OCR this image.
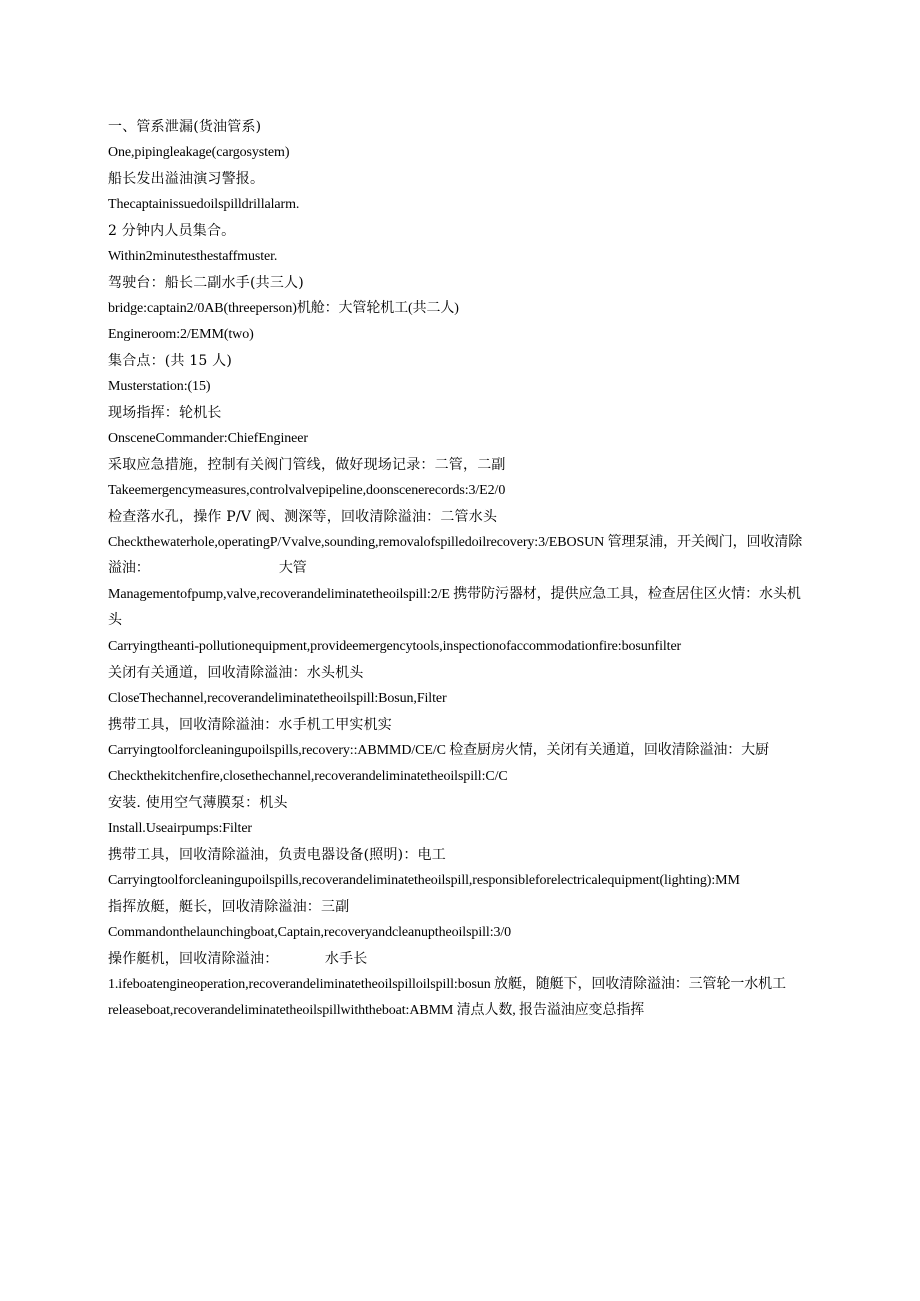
一、管系泄漏(货油管系)

One,pipingleakage(cargosystem)

船长发出溢油演习警报。

Thecaptainissuedoilspilldrillalarm.

2 分钟内人员集合。

Within2minutesthestaffmuster.

驾驶台：船长二副水手(共三人)

bridge:captain2/0AB(threeperson)机舱：大管轮机工(共二人)

Engineroom:2/EMM(two)

集合点：(共 15 人)

Musterstation:(15)

现场指挥：轮机长

OnsceneCommander:ChiefEngineer

采取应急措施，控制有关阀门管线，做好现场记录：二管，二副

Takeemergencymeasures,controlvalvepipeline,doonscenerecords:3/E2/0

检查落水孔，操作 P/V 阀、测深等，回收清除溢油：二管水头

Checkthewaterhole,operatingP/Vvalve,sounding,removalofspilledoilrecovery:3/EBOSUN 管理泵浦，开关阀门，回收清除溢油：                                      大管

Managementofpump,valve,recoverandeliminatetheoilspill:2/E 携带防污器材，提供应急工具，检查居住区火情：水头机头

Carryingtheanti-pollutionequipment,provideemergencytools,inspectionofaccommodationfire:bosunfilter

关闭有关通道，回收清除溢油：水头机头

CloseThechannel,recoverandeliminatetheoilspill:Bosun,Filter

携带工具，回收清除溢油：水手机工甲实机实

Carryingtoolforcleaningupoilspills,recovery::ABMMD/CE/C 检查厨房火情，关闭有关通道，回收清除溢油：大厨

Checkthekitchenfire,closethechannel,recoverandeliminatetheoilspill:C/C

安装. 使用空气薄膜泵：机头

Install.Useairpumps:Filter

携带工具，回收清除溢油，负责电器设备(照明)：电工

Carryingtoolforcleaningupoilspills,recoverandeliminatetheoilspill,responsibleforelectricalequipment(lighting):MM

指挥放艇，艇长，回收清除溢油：三副

Commandonthelaunchingboat,Captain,recoveryandcleanuptheoilspill:3/0

操作艇机，回收清除溢油：          水手长

1.ifeboatengineoperation,recoverandeliminatetheoilspilloilspill:bosun 放艇，随艇下，回收清除溢油：三管轮一水机工

releaseboat,recoverandeliminatetheoilspillwiththeboat:ABMM 清点人数, 报告溢油应变总指挥
